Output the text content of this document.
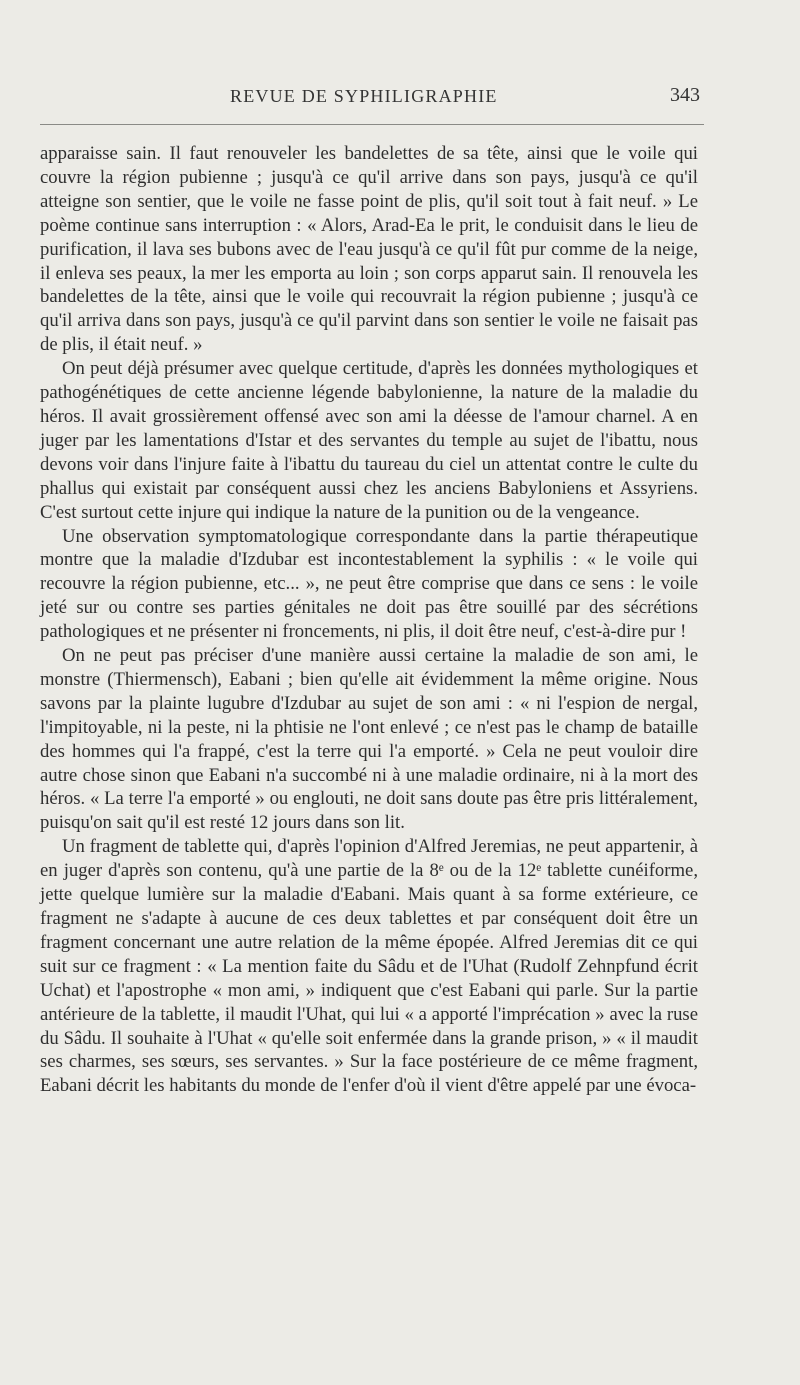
REVUE DE SYPHILIGRAPHIE	343

apparaisse sain. Il faut renouveler les bandelettes de sa tête, ainsi que le voile qui couvre la région pubienne ; jusqu'à ce qu'il arrive dans son pays, jusqu'à ce qu'il atteigne son sentier, que le voile ne fasse point de plis, qu'il soit tout à fait neuf. » Le poème continue sans interruption : « Alors, Arad-Ea le prit, le conduisit dans le lieu de purification, il lava ses bubons avec de l'eau jusqu'à ce qu'il fût pur comme de la neige, il enleva ses peaux, la mer les emporta au loin ; son corps apparut sain. Il renouvela les bandelettes de la tête, ainsi que le voile qui recouvrait la région pubienne ; jusqu'à ce qu'il arriva dans son pays, jusqu'à ce qu'il parvint dans son sentier le voile ne faisait pas de plis, il était neuf. »

On peut déjà présumer avec quelque certitude, d'après les données mythologiques et pathogénétiques de cette ancienne légende babylonienne, la nature de la maladie du héros. Il avait grossièrement offensé avec son ami la déesse de l'amour charnel. A en juger par les lamentations d'Istar et des servantes du temple au sujet de l'ibattu, nous devons voir dans l'injure faite à l'ibattu du taureau du ciel un attentat contre le culte du phallus qui existait par conséquent aussi chez les anciens Babyloniens et Assyriens. C'est surtout cette injure qui indique la nature de la punition ou de la vengeance.

Une observation symptomatologique correspondante dans la partie thérapeutique montre que la maladie d'Izdubar est incontestablement la syphilis : « le voile qui recouvre la région pubienne, etc... », ne peut être comprise que dans ce sens : le voile jeté sur ou contre ses parties génitales ne doit pas être souillé par des sécrétions pathologiques et ne présenter ni froncements, ni plis, il doit être neuf, c'est-à-dire pur !

On ne peut pas préciser d'une manière aussi certaine la maladie de son ami, le monstre (Thiermensch), Eabani ; bien qu'elle ait évidemment la même origine. Nous savons par la plainte lugubre d'Izdubar au sujet de son ami : « ni l'espion de nergal, l'impitoyable, ni la peste, ni la phtisie ne l'ont enlevé ; ce n'est pas le champ de bataille des hommes qui l'a frappé, c'est la terre qui l'a emporté. » Cela ne peut vouloir dire autre chose sinon que Eabani n'a succombé ni à une maladie ordinaire, ni à la mort des héros. « La terre l'a emporté » ou englouti, ne doit sans doute pas être pris littéralement, puisqu'on sait qu'il est resté 12 jours dans son lit.

Un fragment de tablette qui, d'après l'opinion d'Alfred Jeremias, ne peut appartenir, à en juger d'après son contenu, qu'à une partie de la 8ᵉ ou de la 12ᵉ tablette cunéiforme, jette quelque lumière sur la maladie d'Eabani. Mais quant à sa forme extérieure, ce fragment ne s'adapte à aucune de ces deux tablettes et par conséquent doit être un fragment concernant une autre relation de la même épopée. Alfred Jeremias dit ce qui suit sur ce fragment : « La mention faite du Sâdu et de l'Uhat (Rudolf Zehnpfund écrit Uchat) et l'apostrophe « mon ami, » indiquent que c'est Eabani qui parle. Sur la partie antérieure de la tablette, il maudit l'Uhat, qui lui « a apporté l'imprécation » avec la ruse du Sâdu. Il souhaite à l'Uhat « qu'elle soit enfermée dans la grande prison, » « il maudit ses charmes, ses sœurs, ses servantes. » Sur la face postérieure de ce même fragment, Eabani décrit les habitants du monde de l'enfer d'où il vient d'être appelé par une évoca-
